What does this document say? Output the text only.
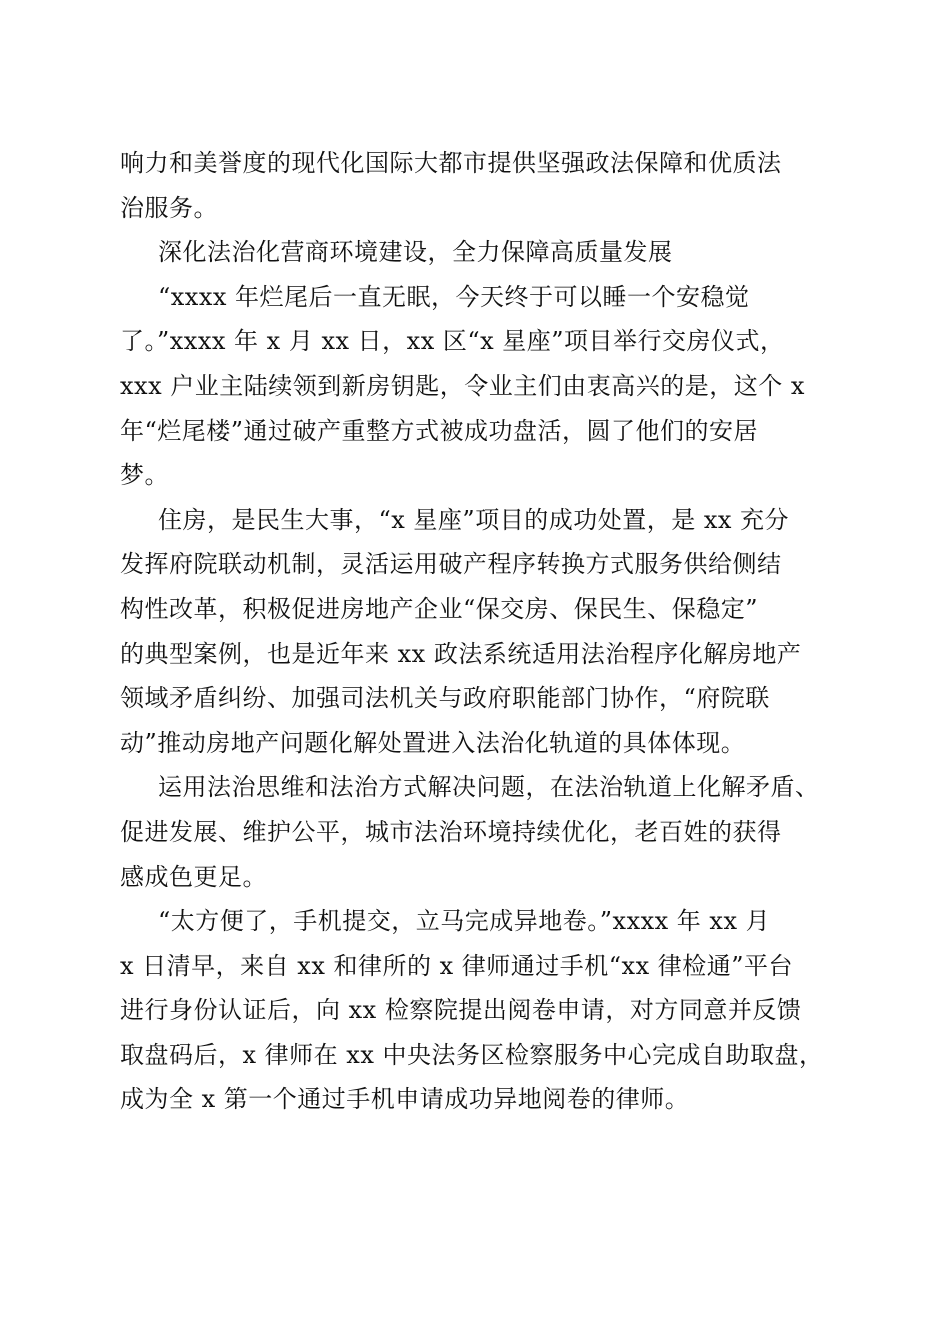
响力和美誉度的现代化国际大都市提供坚强政法保障和优质法
治服务。

深化法治化营商环境建设，全力保障高质量发展

“xxxx 年烂尾后一直无眠，今天终于可以睡一个安稳觉
了。”xxxx 年 x 月 xx 日，xx 区“x 星座”项目举行交房仪式，
xxx 户业主陆续领到新房钥匙，令业主们由衷高兴的是，这个 x
年“烂尾楼”通过破产重整方式被成功盘活，圆了他们的安居
梦。

住房，是民生大事，“x 星座”项目的成功处置，是 xx 充分
发挥府院联动机制，灵活运用破产程序转换方式服务供给侧结
构性改革，积极促进房地产企业“保交房、保民生、保稳定”
的典型案例，也是近年来 xx 政法系统适用法治程序化解房地产
领域矛盾纠纷、加强司法机关与政府职能部门协作，“府院联
动”推动房地产问题化解处置进入法治化轨道的具体体现。

运用法治思维和法治方式解决问题，在法治轨道上化解矛盾、
促进发展、维护公平，城市法治环境持续优化，老百姓的获得
感成色更足。

“太方便了，手机提交，立马完成异地卷。”xxxx 年 xx 月
x 日清早，来自 xx 和律所的 x 律师通过手机“xx 律检通”平台
进行身份认证后，向 xx 检察院提出阅卷申请，对方同意并反馈
取盘码后，x 律师在 xx 中央法务区检察服务中心完成自助取盘，
成为全 x 第一个通过手机申请成功异地阅卷的律师。
